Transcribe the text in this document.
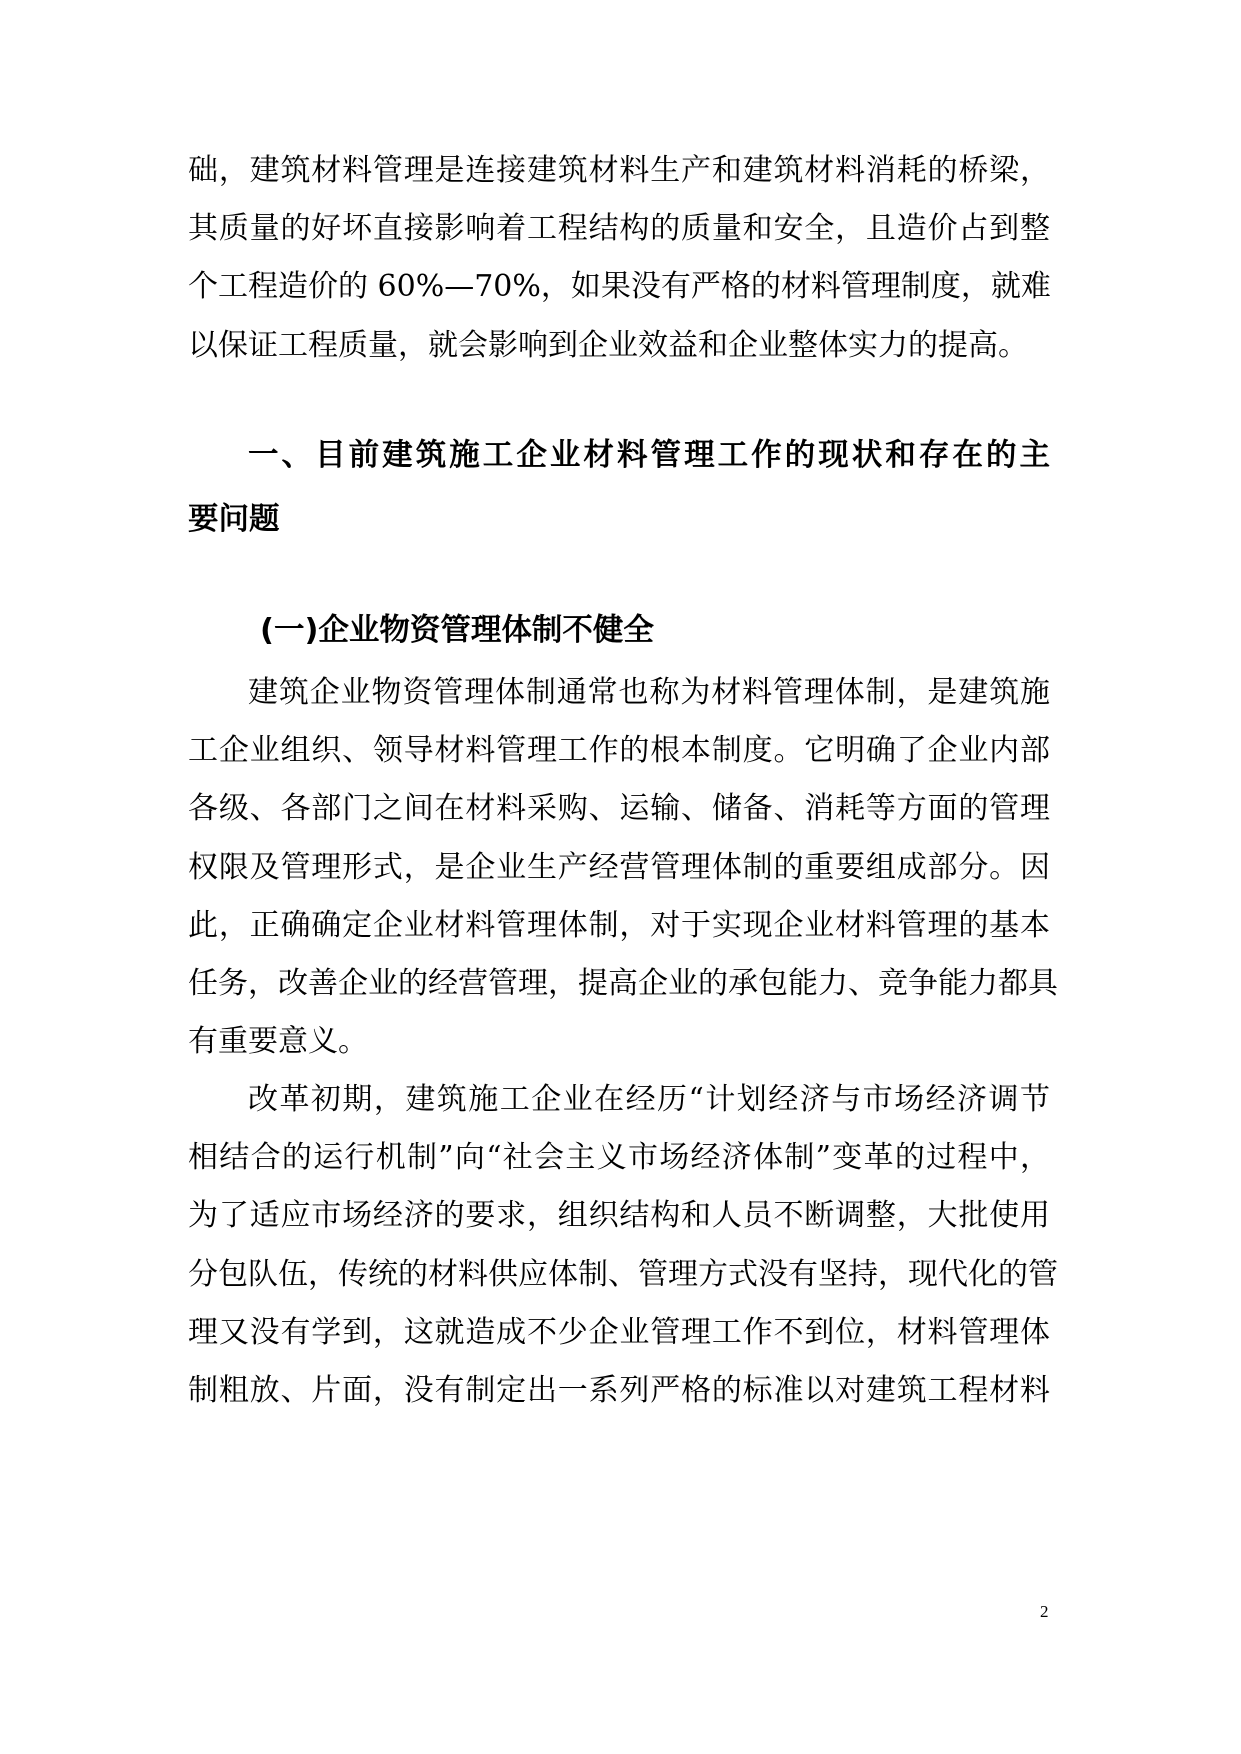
础，建筑材料管理是连接建筑材料生产和建筑材料消耗的桥梁，
其质量的好坏直接影响着工程结构的质量和安全，且造价占到整
个工程造价的 60%—70%，如果没有严格的材料管理制度，就难
以保证工程质量，就会影响到企业效益和企业整体实力的提高。
一、目前建筑施工企业材料管理工作的现状和存在的主
要问题
(一)企业物资管理体制不健全
建筑企业物资管理体制通常也称为材料管理体制，是建筑施
工企业组织、领导材料管理工作的根本制度。它明确了企业内部
各级、各部门之间在材料采购、运输、储备、消耗等方面的管理
权限及管理形式，是企业生产经营管理体制的重要组成部分。因
此，正确确定企业材料管理体制，对于实现企业材料管理的基本
任务，改善企业的经营管理，提高企业的承包能力、竞争能力都具
有重要意义。
改革初期，建筑施工企业在经历“计划经济与市场经济调节
相结合的运行机制”向“社会主义市场经济体制”变革的过程中，
为了适应市场经济的要求，组织结构和人员不断调整，大批使用
分包队伍，传统的材料供应体制、管理方式没有坚持，现代化的管
理又没有学到，这就造成不少企业管理工作不到位，材料管理体
制粗放、片面，没有制定出一系列严格的标准以对建筑工程材料
2
